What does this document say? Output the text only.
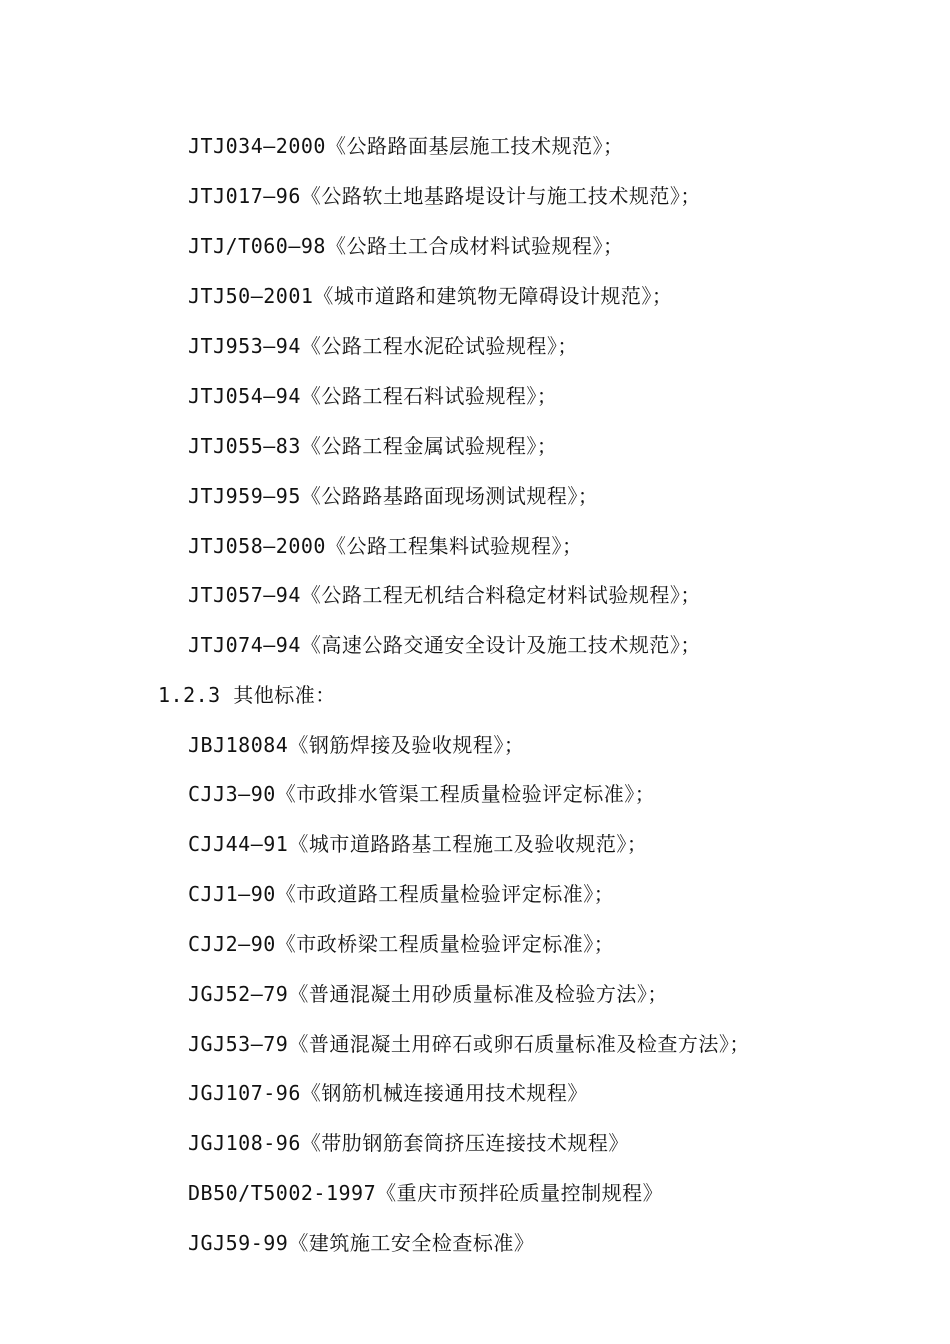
JTJ034—2000《公路路面基层施工技术规范》；
JTJ017—96《公路软土地基路堤设计与施工技术规范》；
JTJ/T060—98《公路土工合成材料试验规程》；
JTJ50—2001《城市道路和建筑物无障碍设计规范》；
JTJ953—94《公路工程水泥砼试验规程》；
JTJ054—94《公路工程石料试验规程》；
JTJ055—83《公路工程金属试验规程》；
JTJ959—95《公路路基路面现场测试规程》；
JTJ058—2000《公路工程集料试验规程》；
JTJ057—94《公路工程无机结合料稳定材料试验规程》；
JTJ074—94《高速公路交通安全设计及施工技术规范》；
1.2.3 其他标准：
JBJ18084《钢筋焊接及验收规程》；
CJJ3—90《市政排水管渠工程质量检验评定标准》；
CJJ44—91《城市道路路基工程施工及验收规范》；
CJJ1—90《市政道路工程质量检验评定标准》；
CJJ2—90《市政桥梁工程质量检验评定标准》；
JGJ52—79《普通混凝土用砂质量标准及检验方法》；
JGJ53—79《普通混凝土用碎石或卵石质量标准及检查方法》；
JGJ107-96《钢筋机械连接通用技术规程》
JGJ108-96《带肋钢筋套筒挤压连接技术规程》
DB50/T5002-1997《重庆市预拌砼质量控制规程》
JGJ59-99《建筑施工安全检查标准》
